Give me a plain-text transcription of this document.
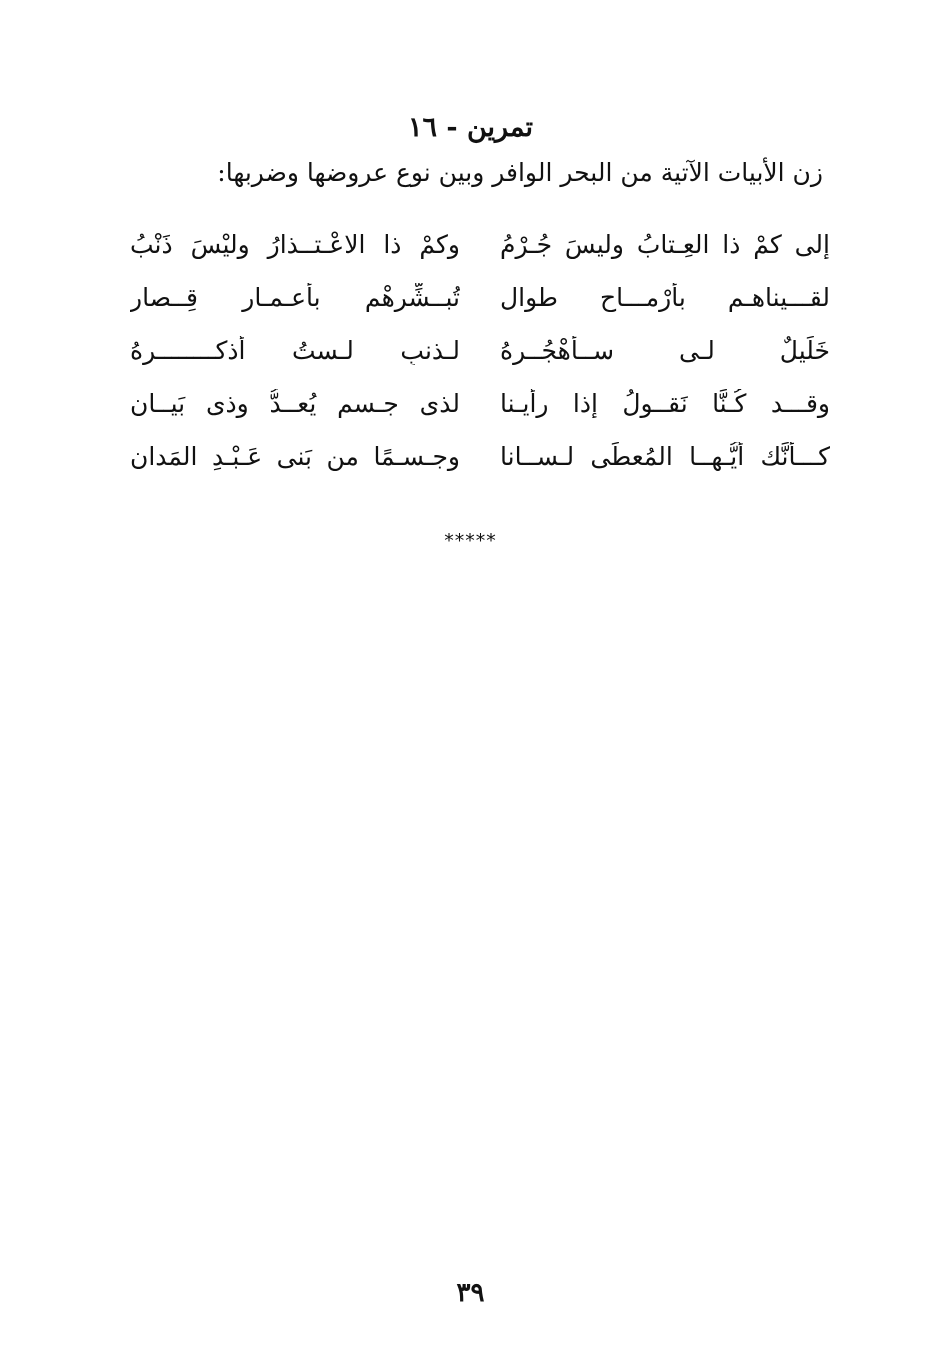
تمرين - ١٦
زن الأبيات الآتية من البحر الوافر وبين نوع عروضها وضربها:
إلى كمْ ذا العِـتابُ وليسَ جُـرْمُ
وكمْ ذا الاعْـتــذارُ وليْسَ ذَنْبُ
لقـــيناهـم بأرْمـــاحٍ طوال
تُبــشِّرهْم بأعـمـارٍ قِــصار
خَلَيلٌ لـى ســأهْجُــرهُ
لـذنبٍ لـستُ أذكــــــــرهُ
وقـــد كُـنَّا نَقــولُ إذا رأيـنا
لذى جـسمٍ يُعــدُّ وذى بَيــانِ
كـــأنَّك أيُّـهــا المُعطَى لـســانا
وجـسـمًا من بَنى عَـبْـدِ المَدانِ
*****
٣٩
